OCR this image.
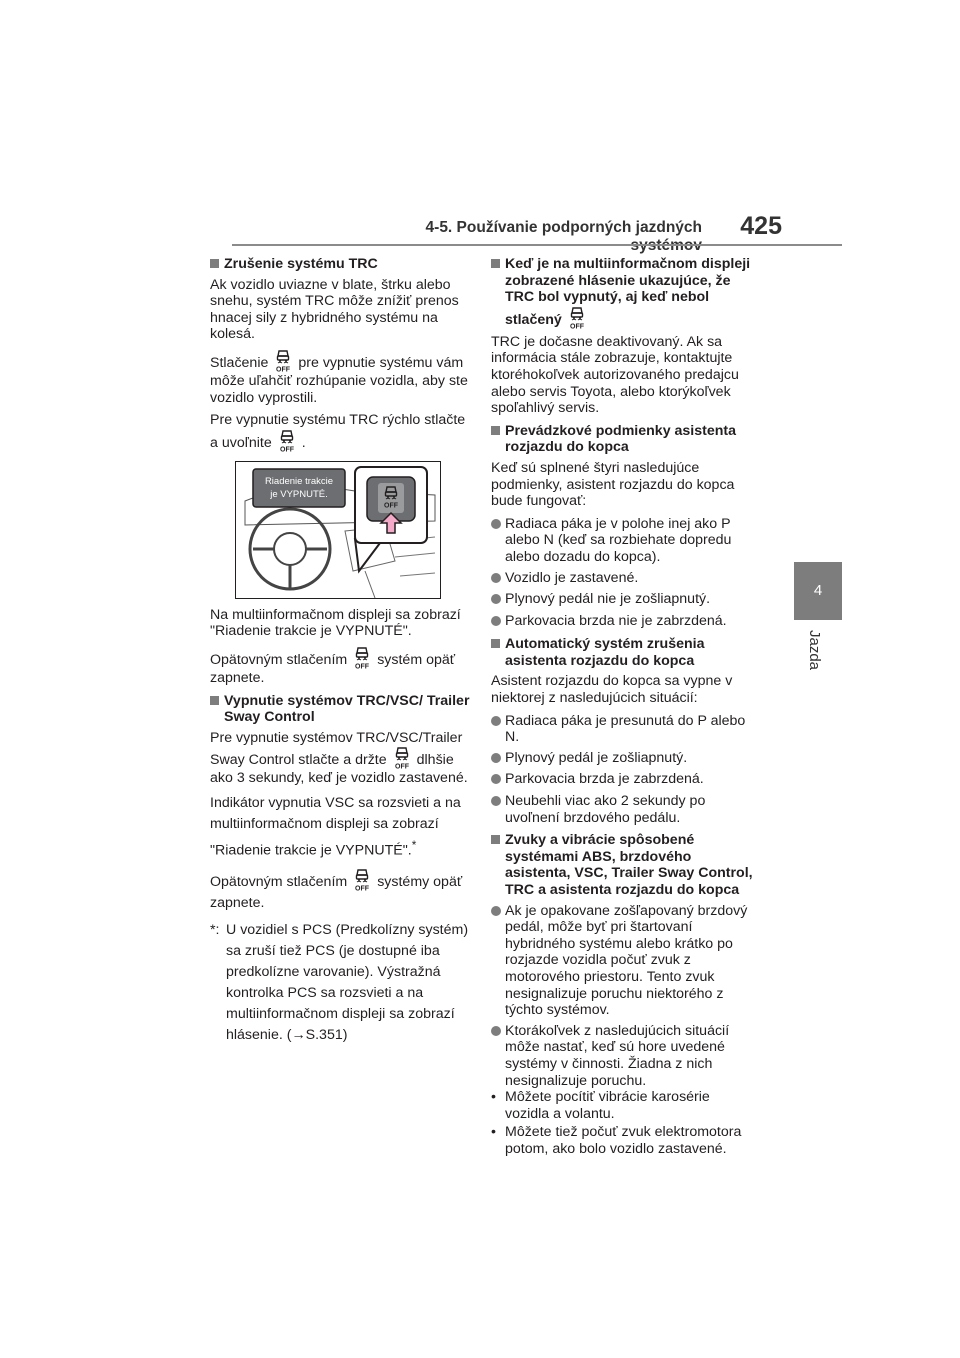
4-5. Používanie podporných jazdných	425
4
Jazda
Zrušenie systému TRC

Ak vozidlo uviazne v blate, štrku alebo snehu, systém TRC môže znížiť prenos hnacej sily z hybridného systému na kolesá.

Stlačenie pre vypnutie systému vám môže uľahčiť rozhúpanie vozidla, aby ste vozidlo vyprostili.

Pre vypnutie systému TRC rýchlo stlačte a uvoľnite .

Riadenie trakcie
je VYPNUTÉ.

Na multiinformačnom displeji sa zobrazí "Riadenie trakcie je VYPNUTÉ".

Opätovným stlačením systém opäť zapnete.

Vypnutie systémov TRC/VSC/ Trailer Sway Control

Pre vypnutie systémov TRC/VSC/Trailer Sway Control stlačte a držte dlhšie ako 3 sekundy, keď je vozidlo zastavené.

Indikátor vypnutia VSC sa rozsvieti a na multiinformačnom displeji sa zobrazí "Riadenie trakcie je VYPNUTÉ".*

Opätovným stlačením systémy opäť zapnete.

*: U vozidiel s PCS (Predkolízny systém) sa zruší tiež PCS (je dostupné iba predkolízne varovanie). Výstražná kontrolka PCS sa rozsvieti a na multiinformačnom displeji sa zobrazí hlásenie. (→S.351)
Keď je na multiinformačnom displeji zobrazené hlásenie ukazujúce, že TRC bol vypnutý, aj keď nebol stlačený

TRC je dočasne deaktivovaný. Ak sa informácia stále zobrazuje, kontaktujte ktoréhokoľvek autorizovaného predajcu alebo servis Toyota, alebo ktorýkoľvek spoľahlivý servis.

Prevádzkové podmienky asistenta rozjazdu do kopca

Keď sú splnené štyri nasledujúce podmienky, asistent rozjazdu do kopca bude fungovať:

Radiaca páka je v polohe inej ako P alebo N (keď sa rozbiehate dopredu alebo dozadu do kopca).
Vozidlo je zastavené.
Plynový pedál nie je zošliapnutý.
Parkovacia brzda nie je zabrzdená.
Automatický systém zrušenia asistenta rozjazdu do kopca

Asistent rozjazdu do kopca sa vypne v niektorej z nasledujúcich situácií:

Radiaca páka je presunutá do P alebo N.
Plynový pedál je zošliapnutý.
Parkovacia brzda je zabrzdená.
Neubehli viac ako 2 sekundy po uvoľnení brzdového pedálu.
Zvuky a vibrácie spôsobené systémami ABS, brzdového asistenta, VSC, Trailer Sway Control, TRC a asistenta rozjazdu do kopca
Ak je opakovane zošľapovaný brzdový pedál, môže byť pri štartovaní hybridného systému alebo krátko po rozjazde vozidla počuť zvuk z motorového priestoru. Tento zvuk nesignalizuje poruchu niektorého z týchto systémov.
Ktorákoľvek z nasledujúcich situácií môže nastať, keď sú hore uvedené systémy v činnosti. Žiadna z nich nesignalizuje poruchu.
• Môžete pocítiť vibrácie karosérie vozidla a volantu.
• Môžete tiež počuť zvuk elektromotora potom, ako bolo vozidlo zastavené.
